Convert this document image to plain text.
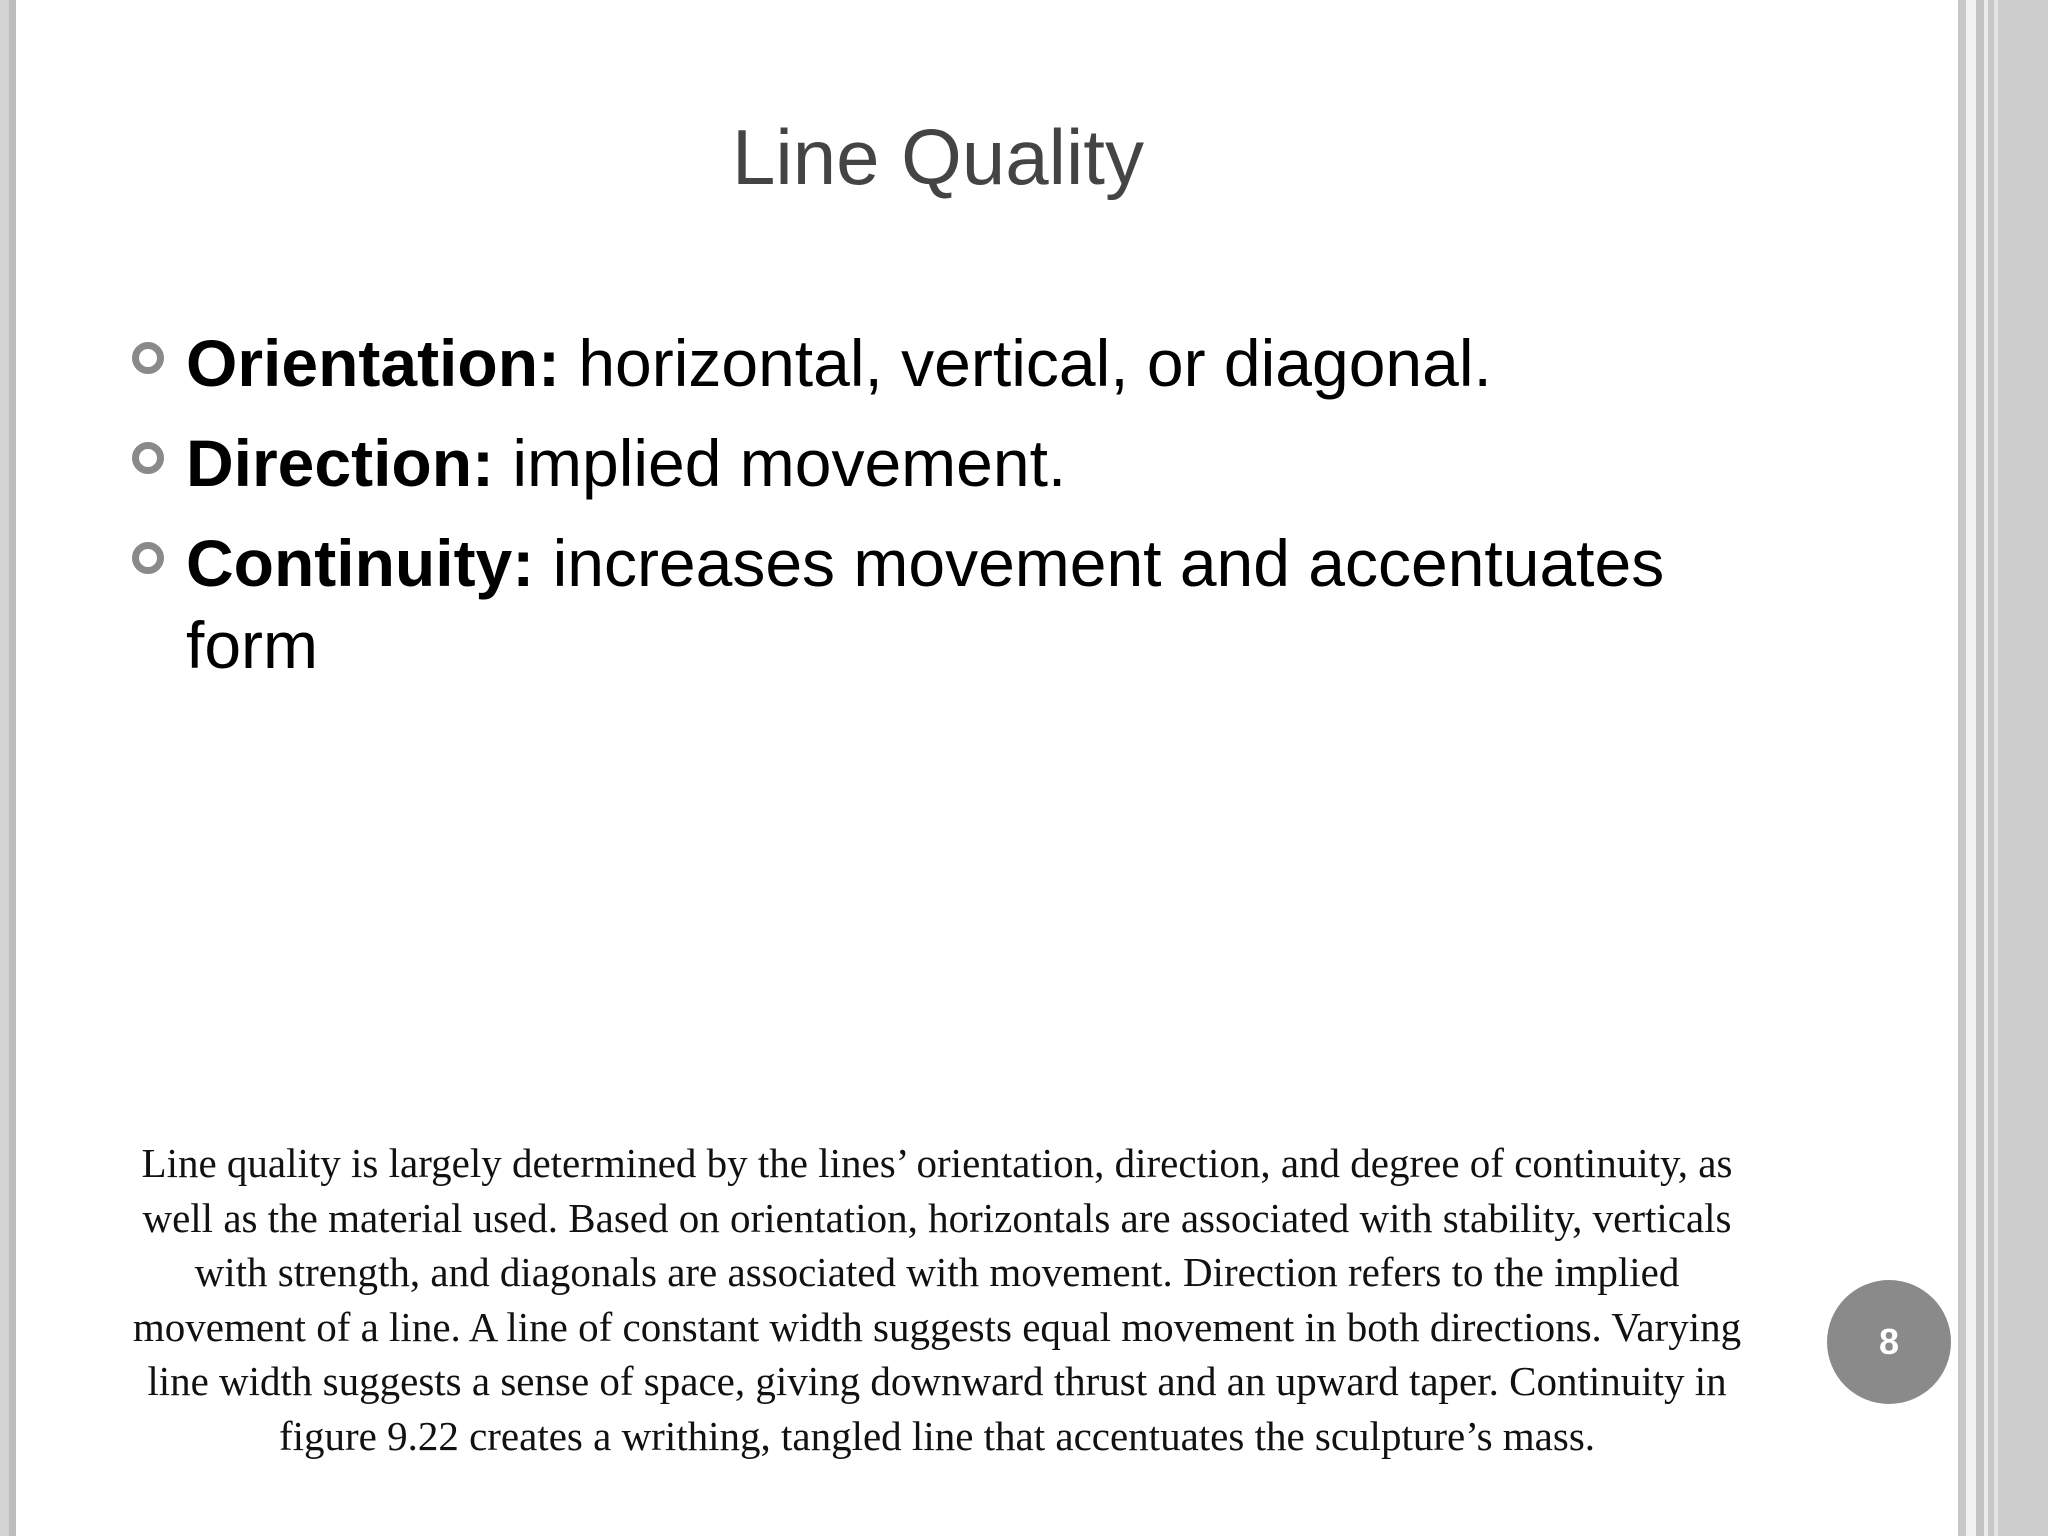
Line Quality
Orientation: horizontal, vertical, or diagonal.
Direction: implied movement.
Continuity: increases movement and accentuates form
Line quality is largely determined by the lines’ orientation, direction, and degree of continuity, as
well as the material used. Based on orientation, horizontals are associated with stability, verticals
with strength, and diagonals are associated with movement. Direction refers to the implied
movement of a line. A line of constant width suggests equal movement in both directions. Varying
line width suggests a sense of space, giving downward thrust and an upward taper. Continuity in
figure 9.22 creates a writhing, tangled line that accentuates the sculpture’s mass.
8
